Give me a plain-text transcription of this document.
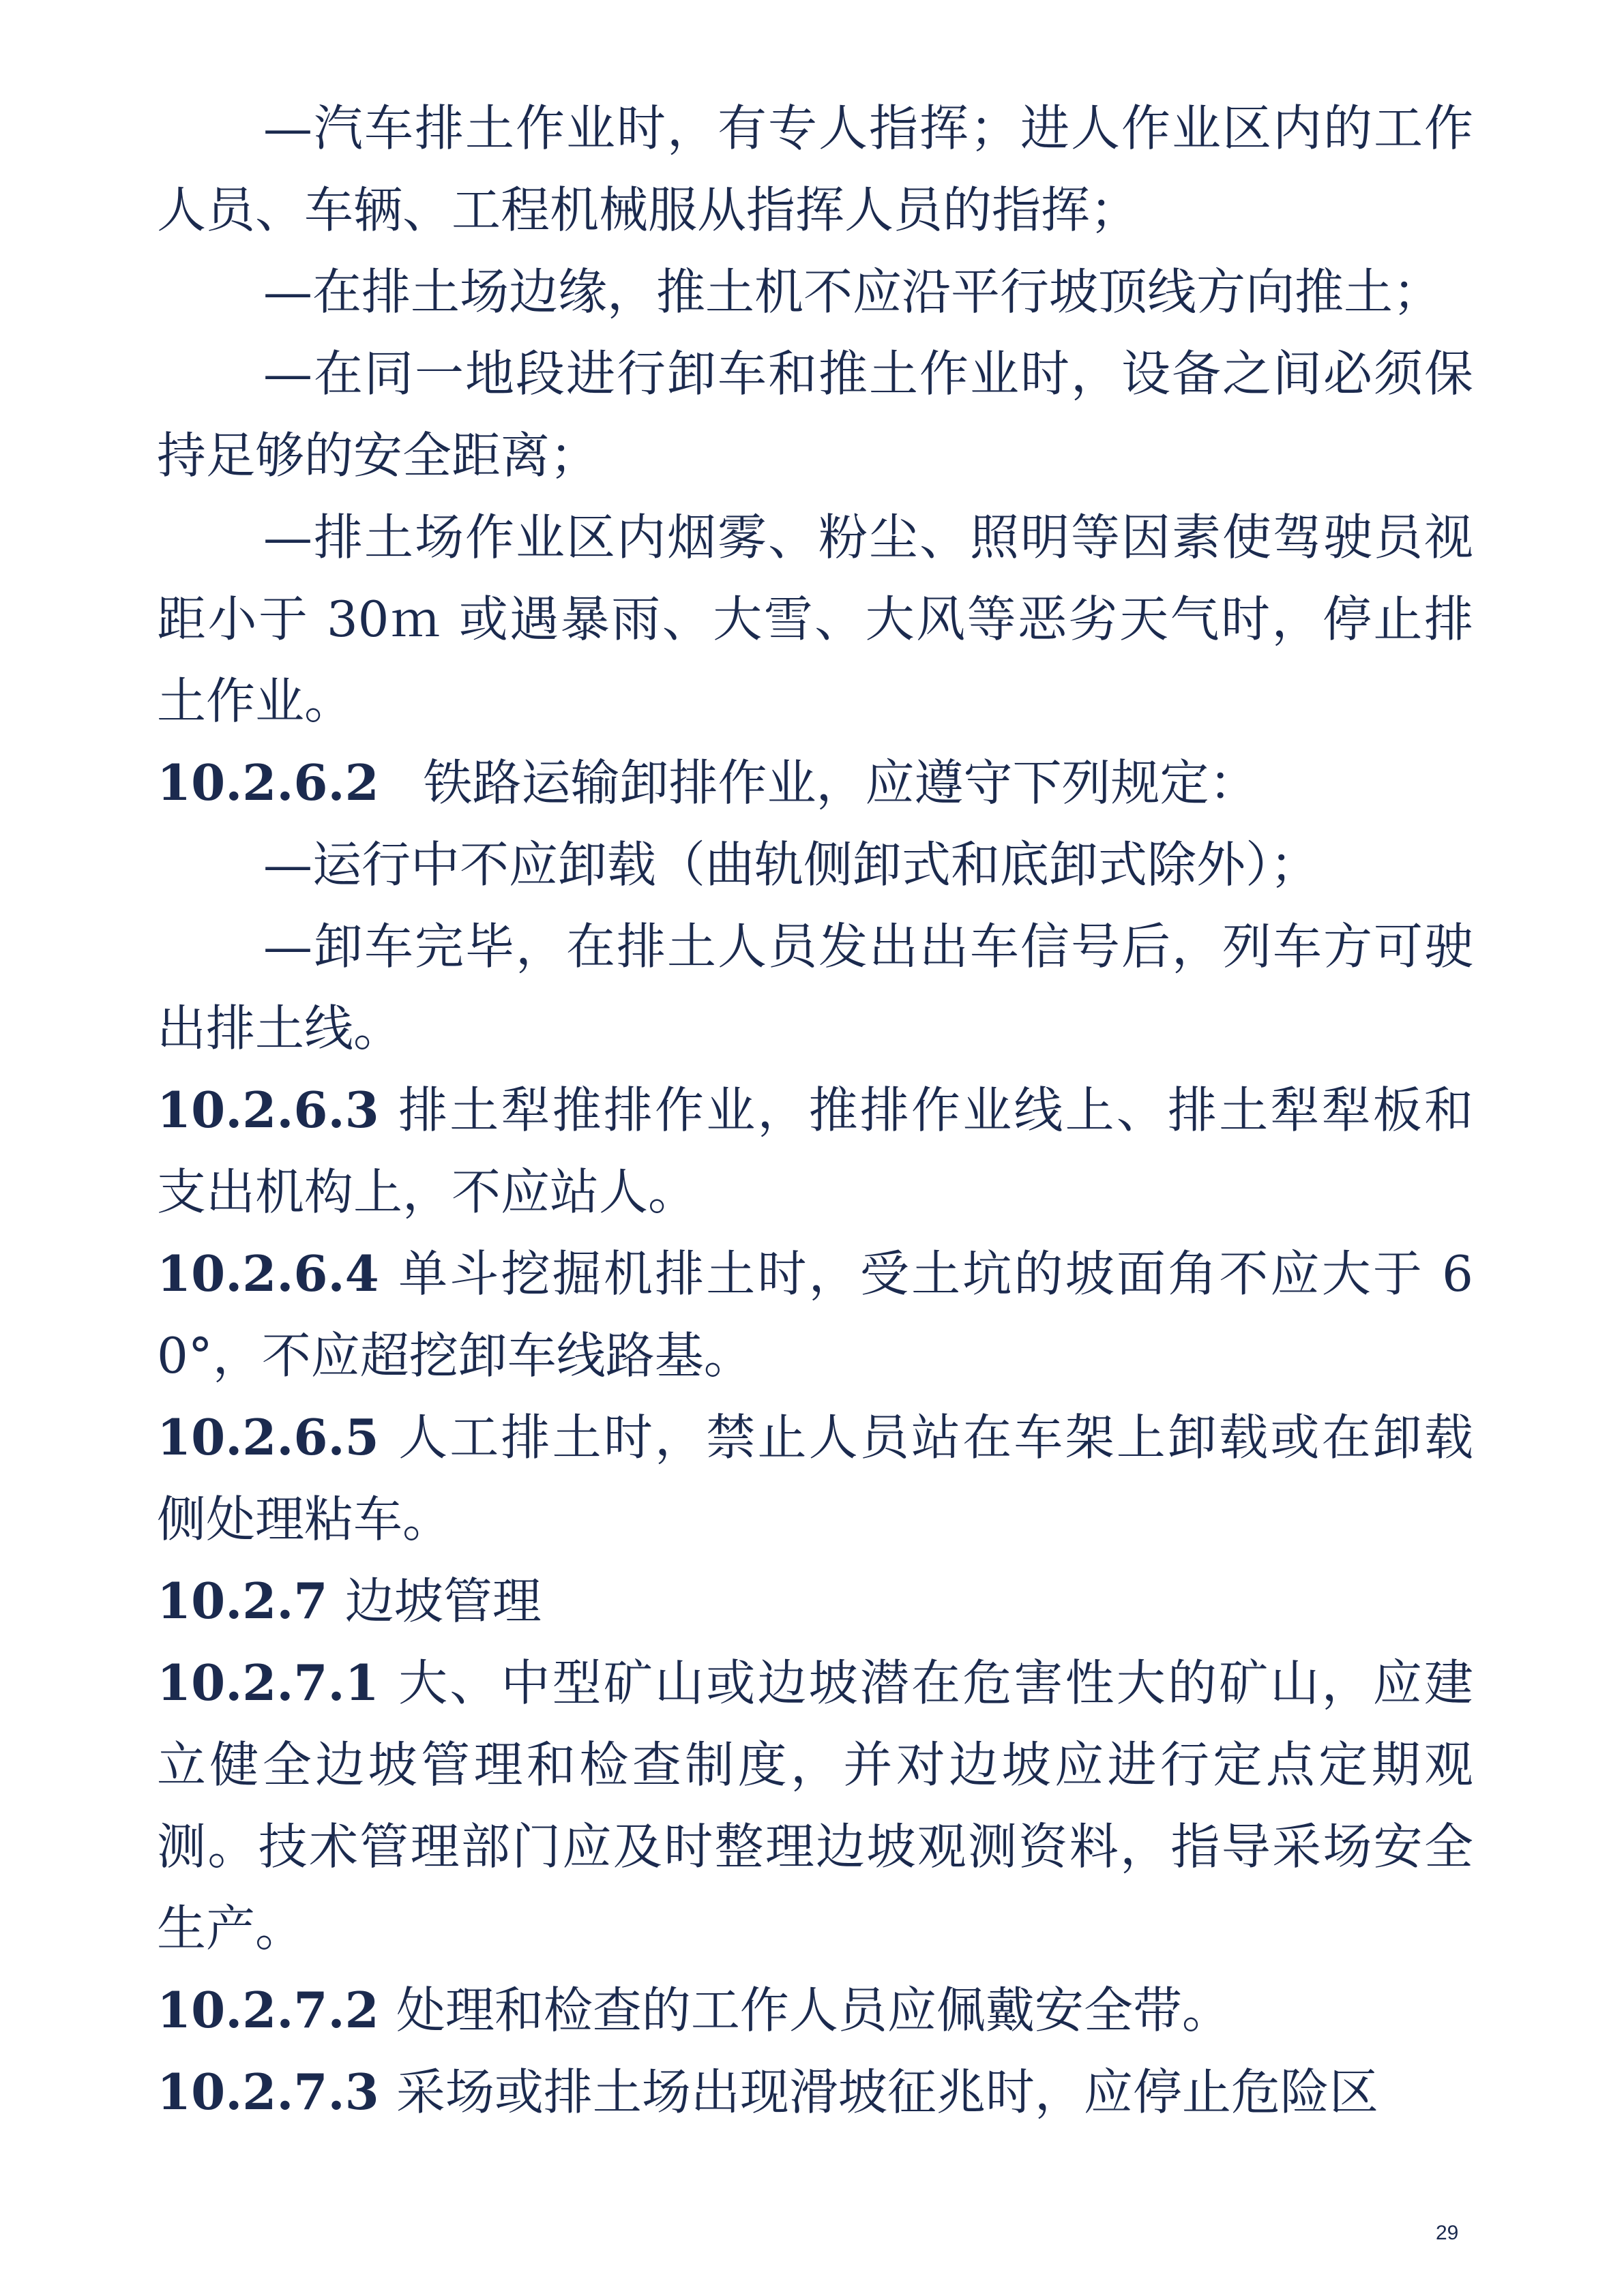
—汽车排土作业时，有专人指挥；进人作业区内的工作人员、车辆、工程机械服从指挥人员的指挥；

—在排土场边缘，推土机不应沿平行坡顶线方向推土；

—在同一地段进行卸车和推土作业时，设备之间必须保持足够的安全距离；

—排土场作业区内烟雾、粉尘、照明等因素使驾驶员视距小于 30ｍ 或遇暴雨、大雪、大风等恶劣天气时，停止排土作业。

10.2.6.2 铁路运输卸排作业，应遵守下列规定：

—运行中不应卸载（曲轨侧卸式和底卸式除外）；

—卸车完毕，在排土人员发出出车信号后，列车方可驶出排土线。

10.2.6.3 排土犁推排作业，推排作业线上、排土犁犁板和支出机构上，不应站人。

10.2.6.4 单斗挖掘机排土时，受土坑的坡面角不应大于 60°，不应超挖卸车线路基。

10.2.6.5 人工排土时，禁止人员站在车架上卸载或在卸载侧处理粘车。

10.2.7 边坡管理

10.2.7.1 大、中型矿山或边坡潜在危害性大的矿山，应建立健全边坡管理和检查制度，并对边坡应进行定点定期观测。技术管理部门应及时整理边坡观测资料，指导采场安全生产。

10.2.7.2 处理和检查的工作人员应佩戴安全带。

10.2.7.3 采场或排土场出现滑坡征兆时，应停止危险区

29
